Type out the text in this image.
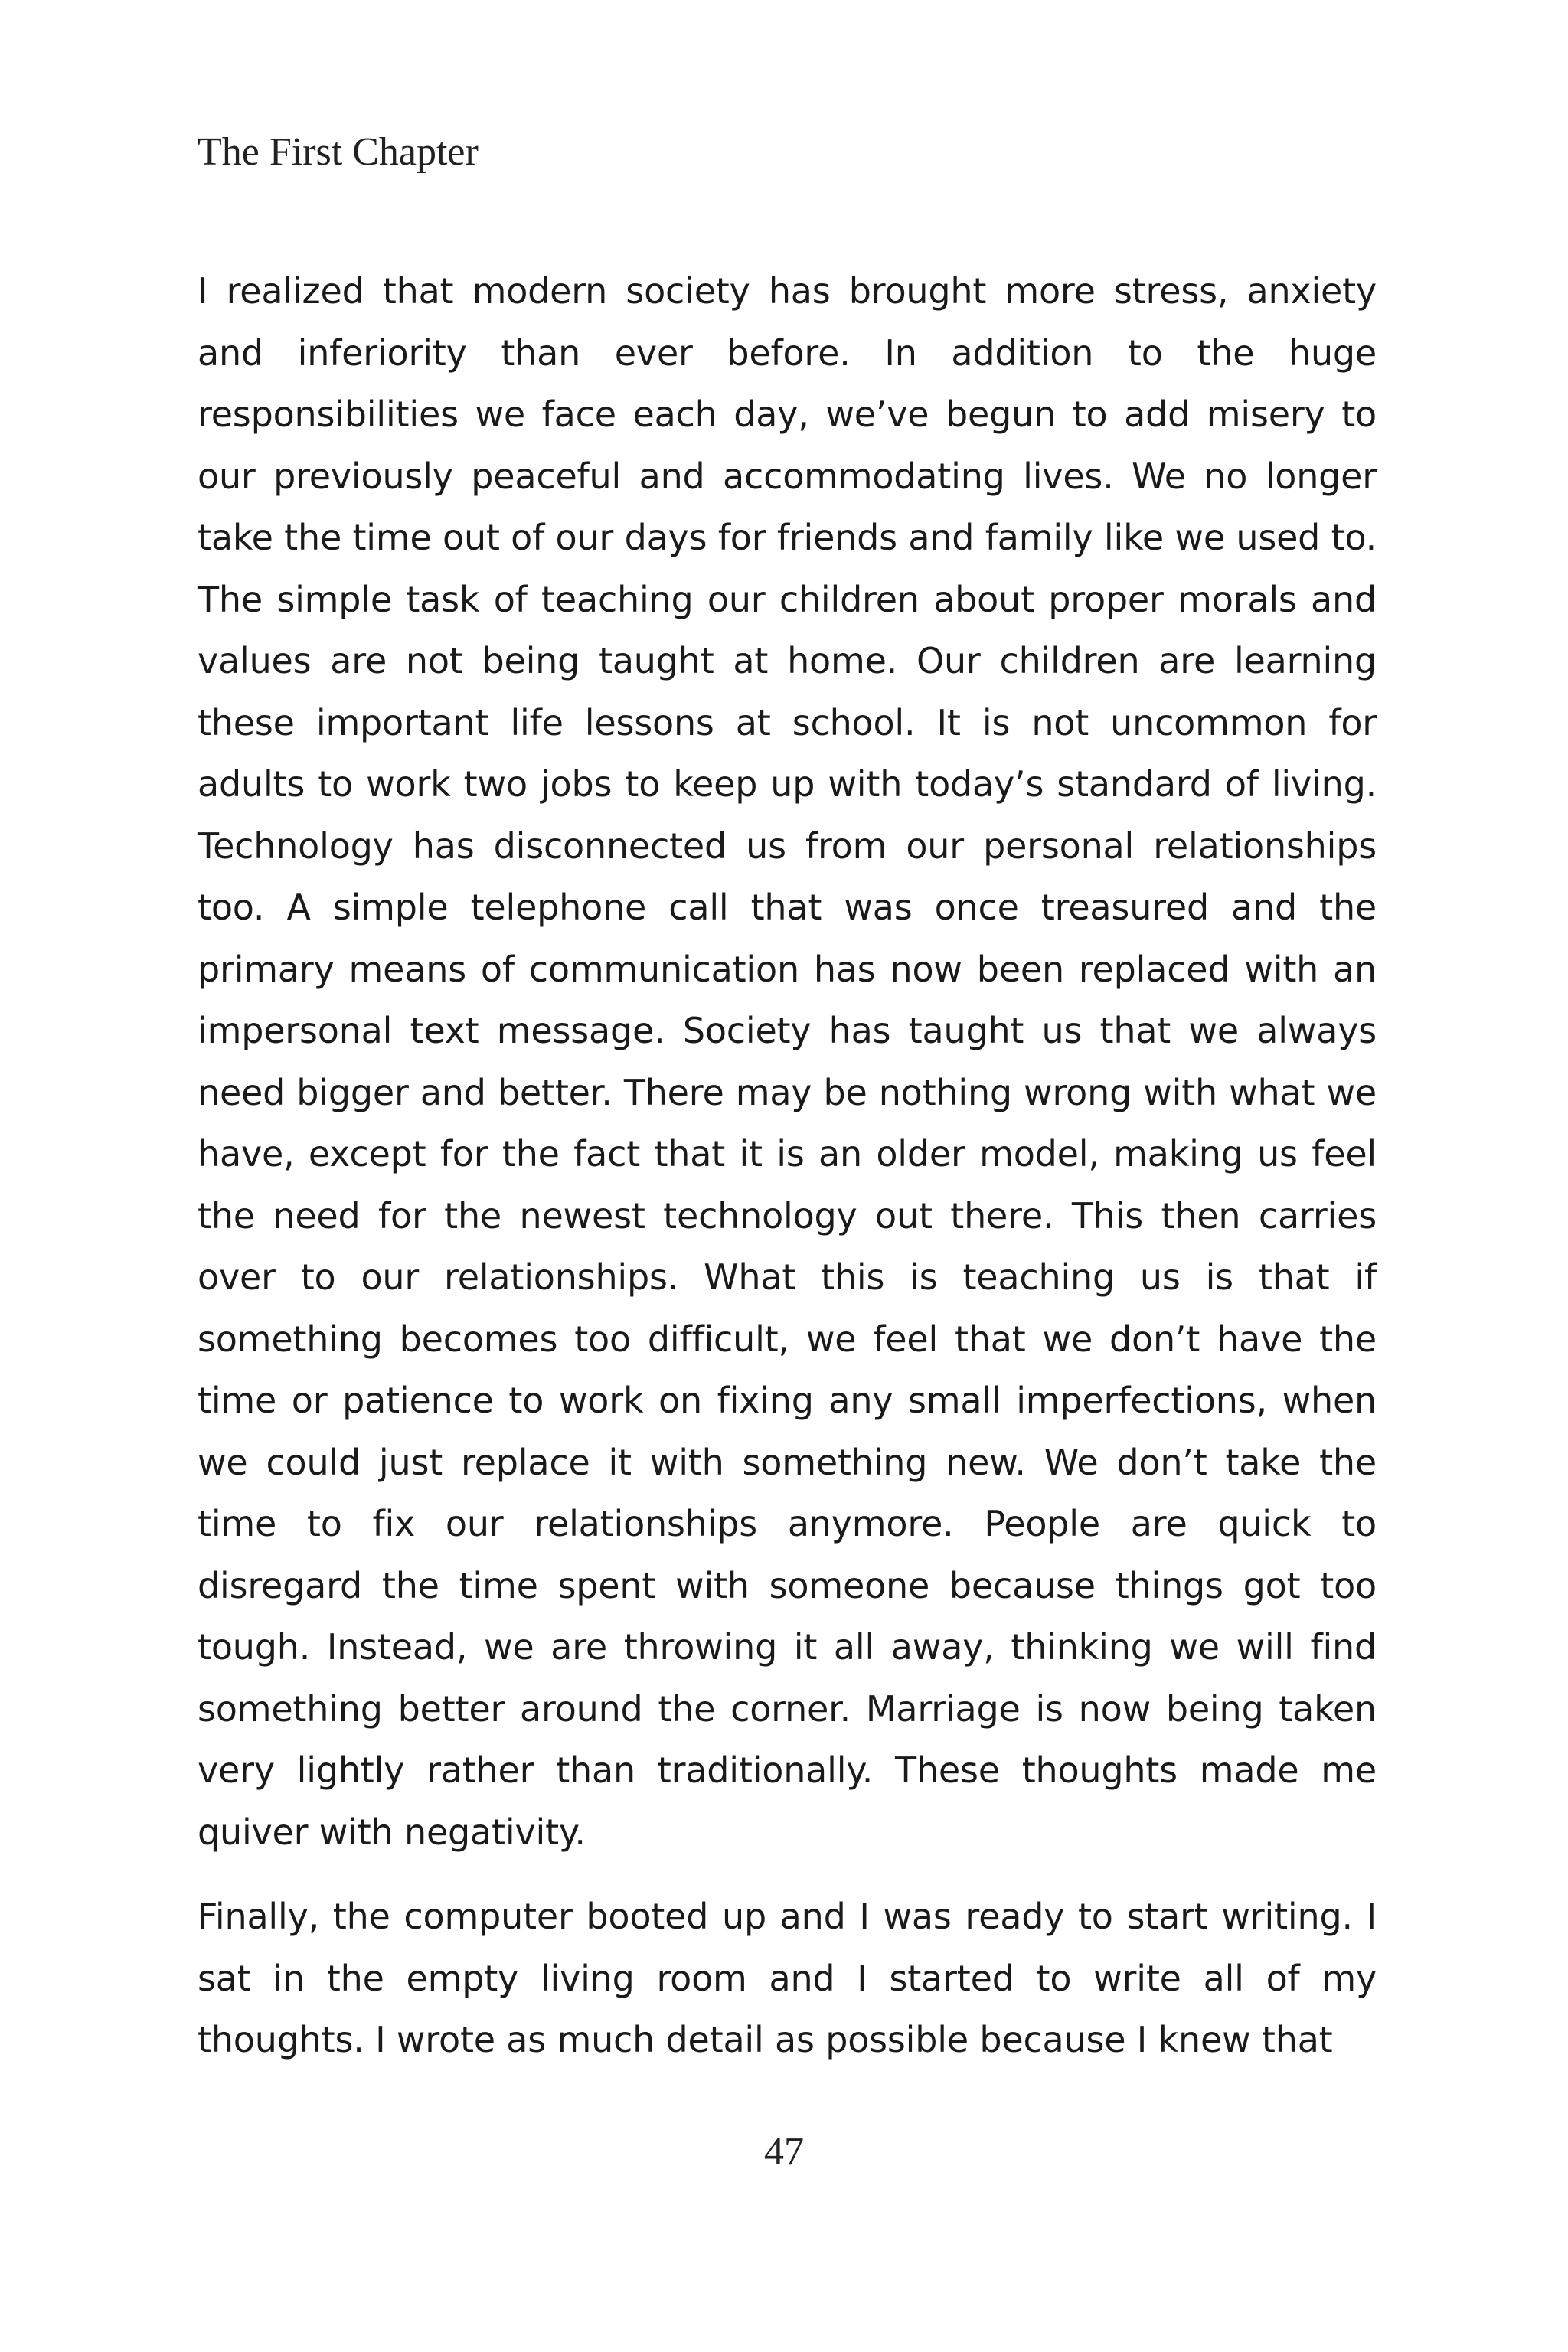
The First Chapter

I realized that modern society has brought more stress, anxiety and inferiority than ever before. In addition to the huge responsibilities we face each day, we’ve begun to add misery to our previously peaceful and accommodating lives. We no longer take the time out of our days for friends and family like we used to. The simple task of teaching our children about proper morals and values are not being taught at home. Our children are learning these important life lessons at school. It is not uncommon for adults to work two jobs to keep up with today’s standard of living. Technology has disconnected us from our personal relationships too. A simple telephone call that was once treasured and the primary means of communication has now been replaced with an impersonal text message. Society has taught us that we always need bigger and better. There may be nothing wrong with what we have, except for the fact that it is an older model, making us feel the need for the newest technology out there. This then carries over to our relationships. What this is teaching us is that if something becomes too difficult, we feel that we don’t have the time or patience to work on fixing any small imperfections, when we could just replace it with something new. We don’t take the time to fix our relationships anymore. People are quick to disregard the time spent with someone because things got too tough. Instead, we are throwing it all away, thinking we will find something better around the corner. Marriage is now being taken very lightly rather than traditionally. These thoughts made me quiver with negativity.

Finally, the computer booted up and I was ready to start writing. I sat in the empty living room and I started to write all of my thoughts. I wrote as much detail as possible because I knew that

47
